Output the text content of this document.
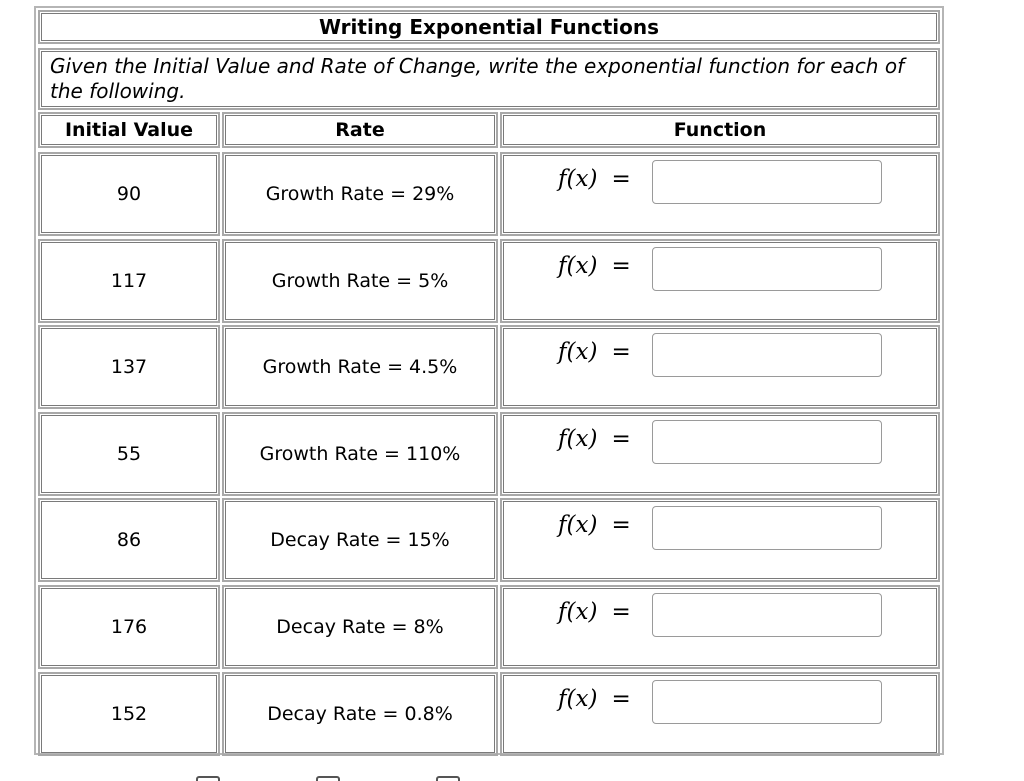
Writing Exponential Functions
Given the Initial Value and Rate of Change, write the exponential function for each of the following.
Initial Value	Rate	Function
90	Growth Rate = 29%
f(x) =
117	Growth Rate = 5%
f(x) =
137	Growth Rate = 4.5%
f(x) =
55	Growth Rate = 110%
f(x) =
86	Decay Rate = 15%
f(x) =
176	Decay Rate = 8%
f(x) =
152	Decay Rate = 0.8%
f(x) =
